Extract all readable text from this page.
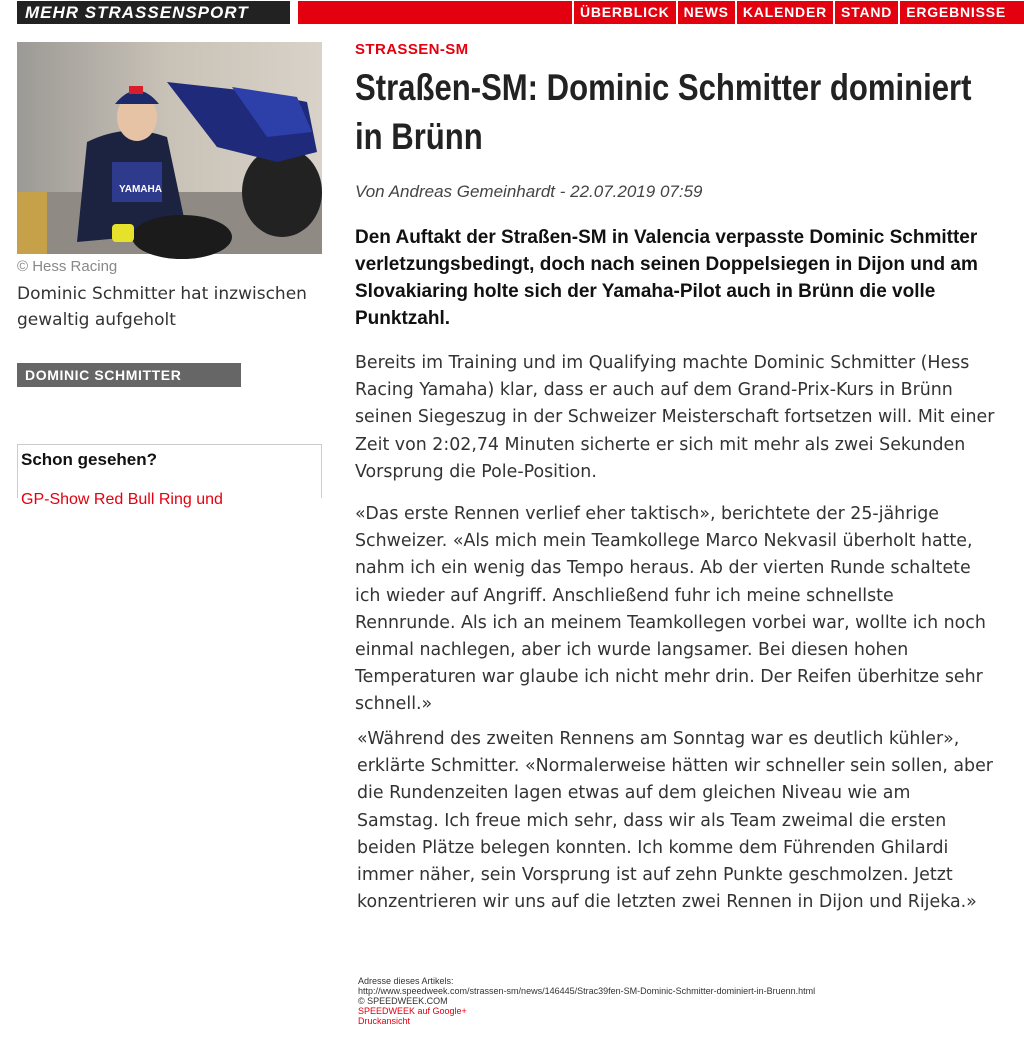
MEHR STRASSENSPORT	ÜBERBLICK	NEWS	KALENDER	STAND	ERGEBNISSE
YAMAHA
© Hess Racing
Dominic Schmitter hat inzwischen gewaltig aufgeholt
DOMINIC SCHMITTER
Schon gesehen?
GP-Show Red Bull Ring und
STRASSEN-SM
Straßen-SM: Dominic Schmitter dominiert in Brünn
Von Andreas Gemeinhardt - 22.07.2019 07:59

Den Auftakt der Straßen-SM in Valencia verpasste Dominic Schmitter verletzungsbedingt, doch nach seinen Doppelsiegen in Dijon und am Slovakiaring holte sich der Yamaha-Pilot auch in Brünn die volle Punktzahl.

Bereits im Training und im Qualifying machte Dominic Schmitter (Hess Racing Yamaha) klar, dass er auch auf dem Grand-Prix-Kurs in Brünn seinen Siegeszug in der Schweizer Meisterschaft fortsetzen will. Mit einer Zeit von 2:02,74 Minuten sicherte er sich mit mehr als zwei Sekunden Vorsprung die Pole-Position.

«Das erste Rennen verlief eher taktisch», berichtete der 25-jährige Schweizer. «Als mich mein Teamkollege Marco Nekvasil überholt hatte, nahm ich ein wenig das Tempo heraus. Ab der vierten Runde schaltete ich wieder auf Angriff. Anschließend fuhr ich meine schnellste Rennrunde. Als ich an meinem Teamkollegen vorbei war, wollte ich noch einmal nachlegen, aber ich wurde langsamer. Bei diesen hohen Temperaturen war glaube ich nicht mehr drin. Der Reifen überhitze sehr schnell.»

«Während des zweiten Rennens am Sonntag war es deutlich kühler», erklärte Schmitter. «Normalerweise hätten wir schneller sein sollen, aber die Rundenzeiten lagen etwas auf dem gleichen Niveau wie am Samstag. Ich freue mich sehr, dass wir als Team zweimal die ersten beiden Plätze belegen konnten. Ich komme dem Führenden Ghilardi immer näher, sein Vorsprung ist auf zehn Punkte geschmolzen. Jetzt konzentrieren wir uns auf die letzten zwei Rennen in Dijon und Rijeka.»

Adresse dieses Artikels:
http://www.speedweek.com/strassen-sm/news/146445/Strac39fen-SM-Dominic-Schmitter-dominiert-in-Bruenn.html
© SPEEDWEEK.COM
SPEEDWEEK auf Google+
Druckansicht
